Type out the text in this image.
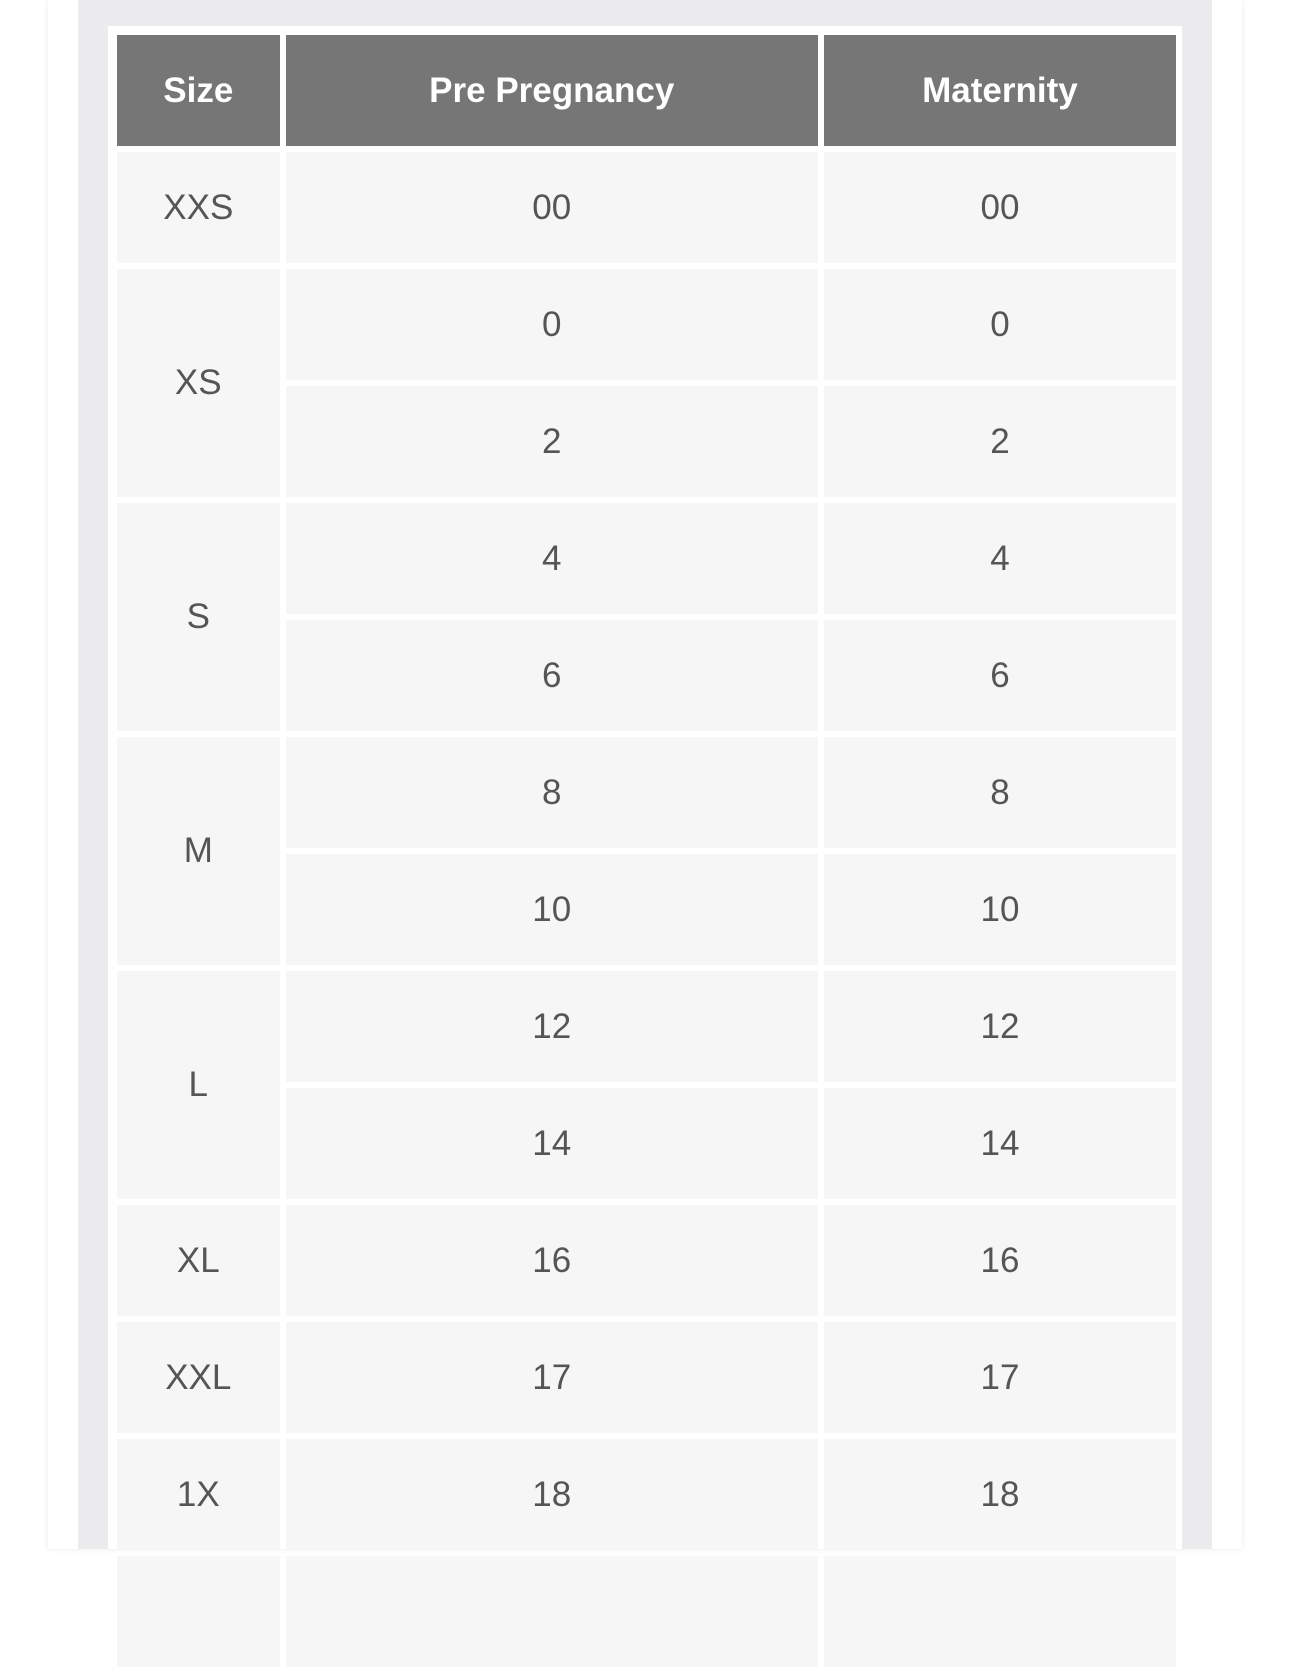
Size	Pre Pregnancy	Maternity
XXS	00	00
XS	0	0
	2	2
S	4	4
	6	6
M	8	8
	10	10
L	12	12
	14	14
XL	16	16
XXL	17	17
1X	18	18
